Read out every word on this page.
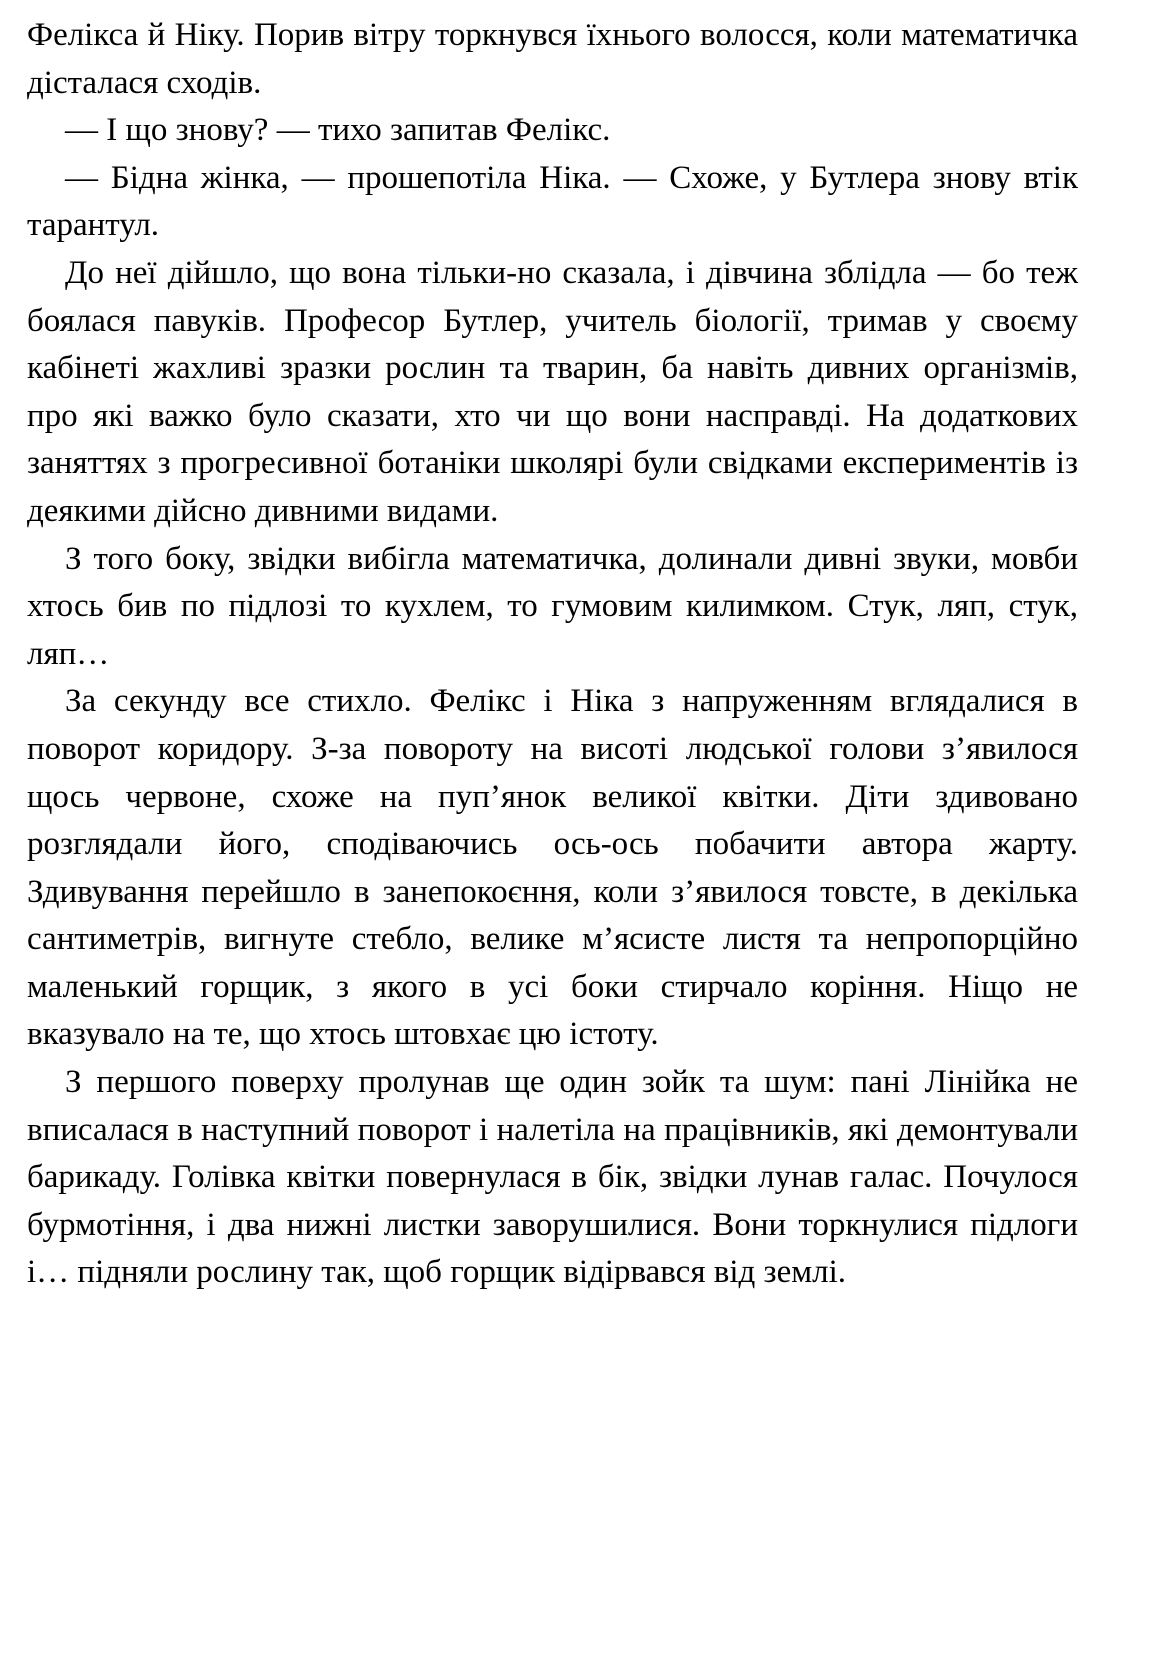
Фелікса й Ніку. Порив вітру торкнувся їхнього волосся, коли математичка дісталася сходів.

— І що знову? — тихо запитав Фелікс.

— Бідна жінка, — прошепотіла Ніка. — Схоже, у Бутлера знову втік тарантул.

До неї дійшло, що вона тільки-но сказала, і дівчина зблідла — бо теж боялася павуків. Професор Бутлер, учитель біології, тримав у своєму кабінеті жахливі зразки рослин та тварин, ба навіть дивних організмів, про які важко було сказати, хто чи що вони насправді. На додаткових заняттях з прогресивної ботаніки школярі були свідками експериментів із деякими дійсно дивними видами.

З того боку, звідки вибігла математичка, долинали дивні звуки, мовби хтось бив по підлозі то кухлем, то гумовим килимком. Стук, ляп, стук, ляп…

За секунду все стихло. Фелікс і Ніка з напруженням вглядалися в поворот коридору. З-за повороту на висоті людської голови з’явилося щось червоне, схоже на пуп’янок великої квітки. Діти здивовано розглядали його, сподіваючись ось-ось побачити автора жарту. Здивування перейшло в занепокоєння, коли з’явилося товсте, в декілька сантиметрів, вигнуте стебло, велике м’ясисте листя та непропорційно маленький горщик, з якого в усі боки стирчало коріння. Ніщо не вказувало на те, що хтось штовхає цю істоту.

З першого поверху пролунав ще один зойк та шум: пані Лінійка не вписалася в наступний поворот і налетіла на працівників, які демонтували барикаду. Голівка квітки повернулася в бік, звідки лунав галас. Почулося бурмотіння, і два нижні листки заворушилися. Вони торкнулися підлоги і… підняли рослину так, щоб горщик відірвався від землі.
